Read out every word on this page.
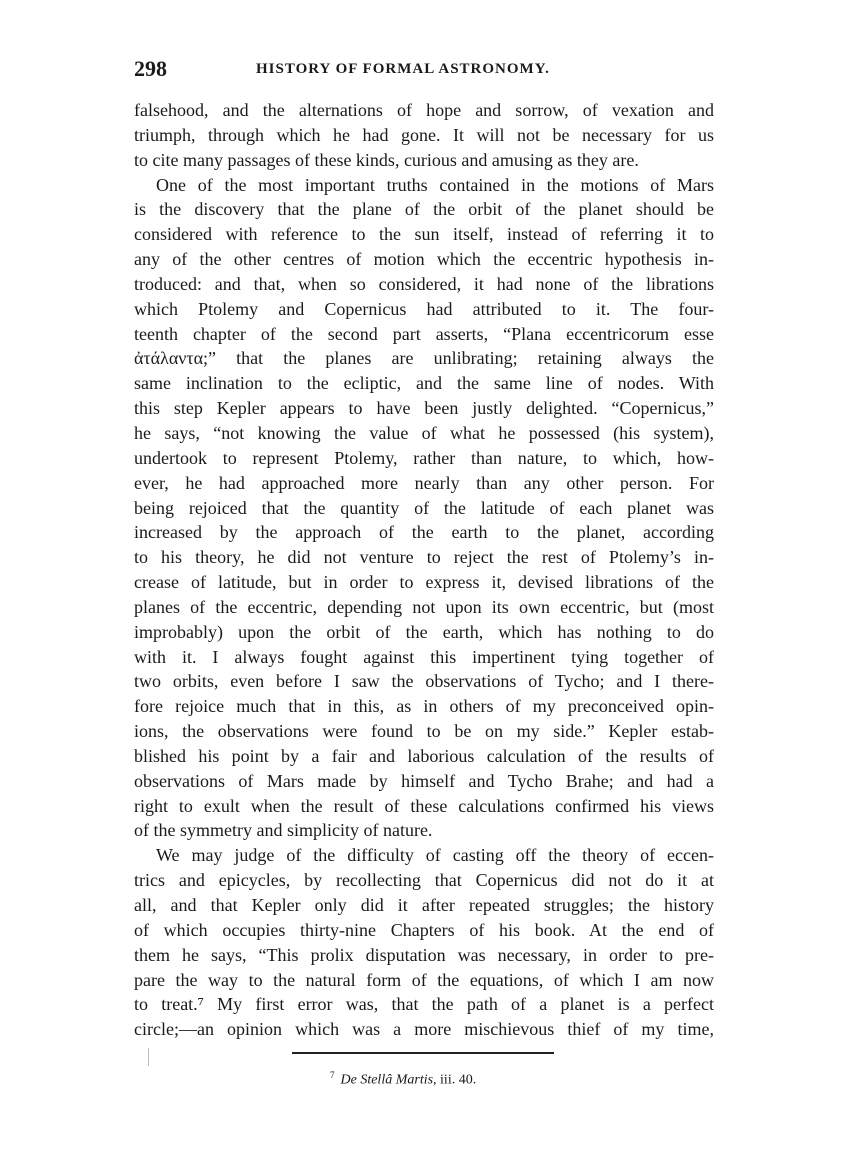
298	HISTORY OF FORMAL ASTRONOMY.
falsehood, and the alternations of hope and sorrow, of vexation and
triumph, through which he had gone. It will not be necessary for us
to cite many passages of these kinds, curious and amusing as they are.
One of the most important truths contained in the motions of Mars
is the discovery that the plane of the orbit of the planet should be
considered with reference to the sun itself, instead of referring it to
any of the other centres of motion which the eccentric hypothesis in-
troduced: and that, when so considered, it had none of the librations
which Ptolemy and Copernicus had attributed to it. The four-
teenth chapter of the second part asserts, “Plana eccentricorum esse
ἀτάλαντα;” that the planes are unlibrating; retaining always the
same inclination to the ecliptic, and the same line of nodes. With
this step Kepler appears to have been justly delighted. “Copernicus,”
he says, “not knowing the value of what he possessed (his system),
undertook to represent Ptolemy, rather than nature, to which, how-
ever, he had approached more nearly than any other person. For
being rejoiced that the quantity of the latitude of each planet was
increased by the approach of the earth to the planet, according
to his theory, he did not venture to reject the rest of Ptolemy’s in-
crease of latitude, but in order to express it, devised librations of the
planes of the eccentric, depending not upon its own eccentric, but (most
improbably) upon the orbit of the earth, which has nothing to do
with it. I always fought against this impertinent tying together of
two orbits, even before I saw the observations of Tycho; and I there-
fore rejoice much that in this, as in others of my preconceived opin-
ions, the observations were found to be on my side.” Kepler estab-
blished his point by a fair and laborious calculation of the results of
observations of Mars made by himself and Tycho Brahe; and had a
right to exult when the result of these calculations confirmed his views
of the symmetry and simplicity of nature.
We may judge of the difficulty of casting off the theory of eccen-
trics and epicycles, by recollecting that Copernicus did not do it at
all, and that Kepler only did it after repeated struggles; the history
of which occupies thirty-nine Chapters of his book. At the end of
them he says, “This prolix disputation was necessary, in order to pre-
pare the way to the natural form of the equations, of which I am now
to treat.⁷ My first error was, that the path of a planet is a perfect
circle;—an opinion which was a more mischievous thief of my time,
$^7$ De Stellâ Martis, iii. 40.
